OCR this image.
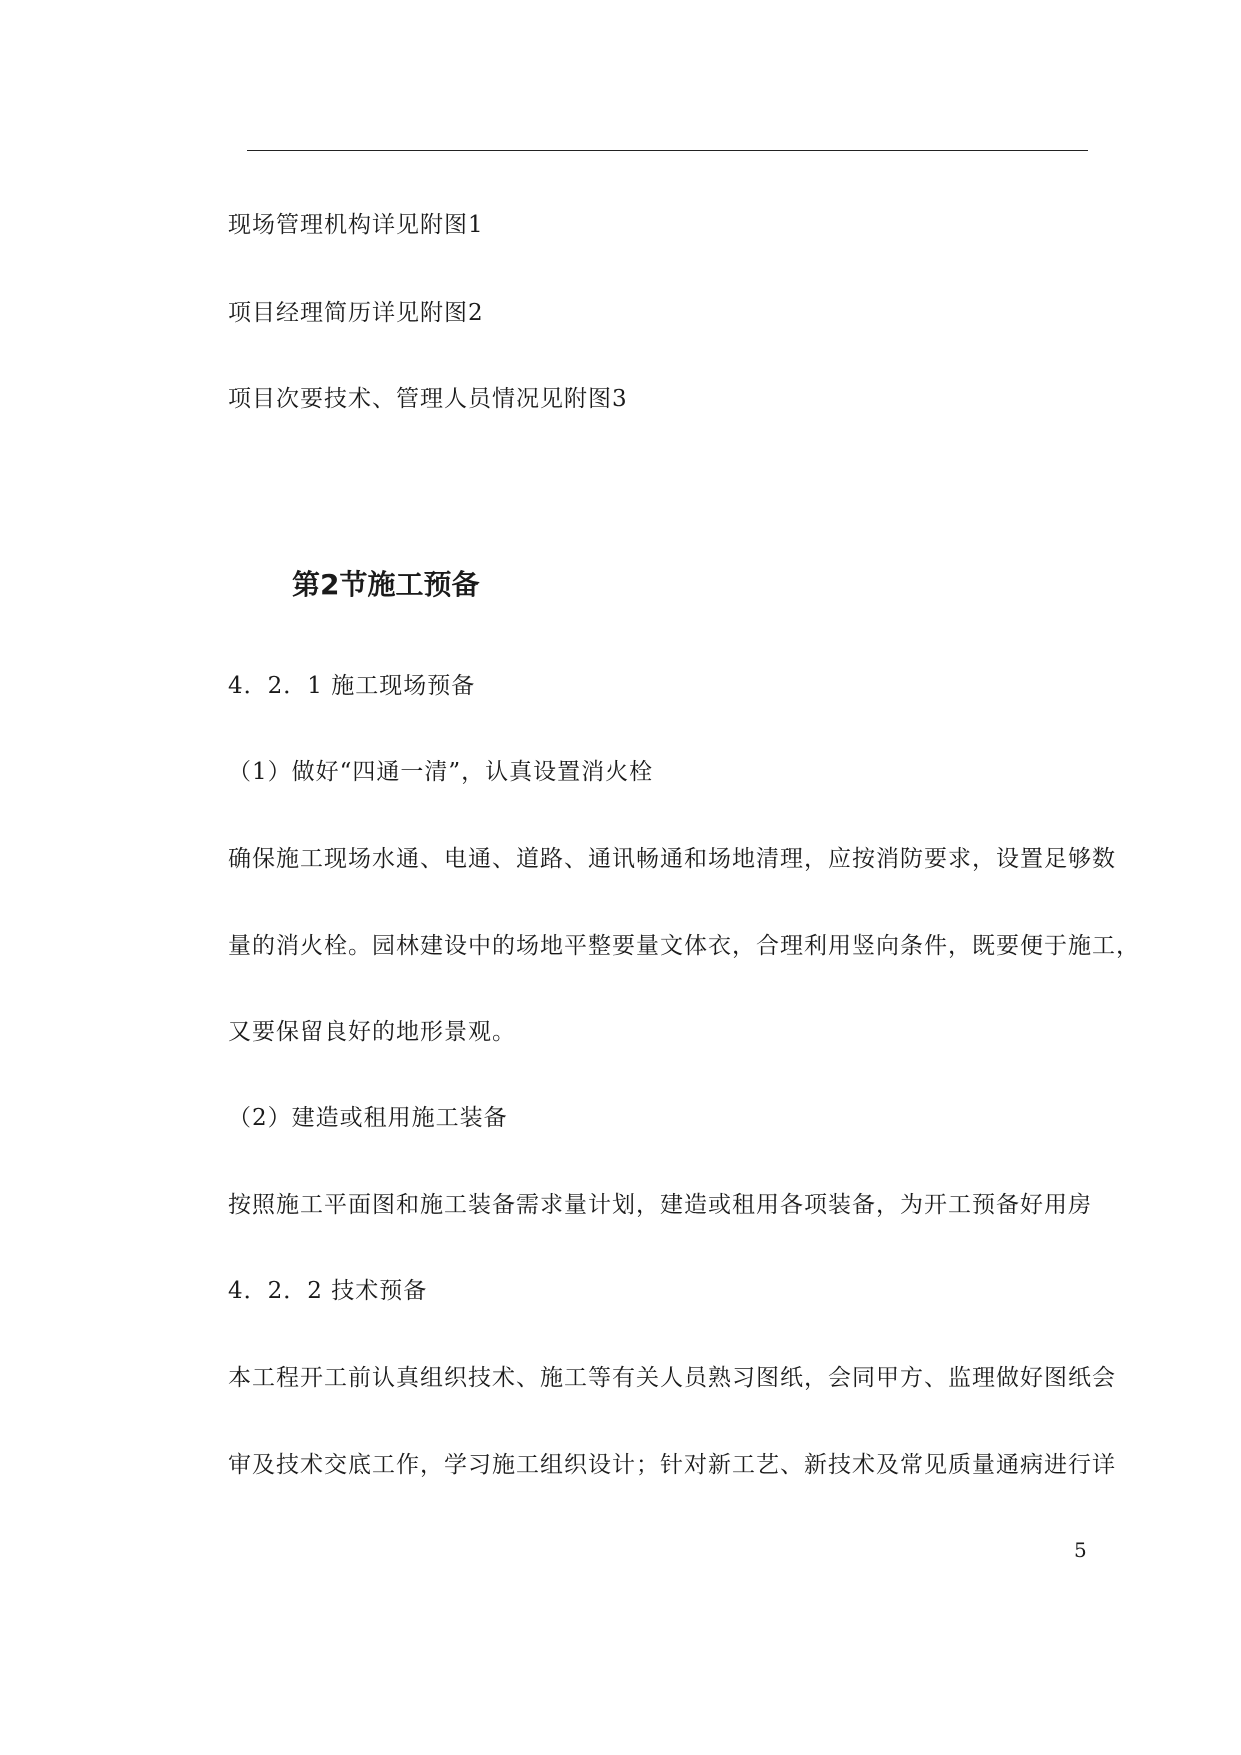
现场管理机构详见附图1
项目经理简历详见附图2
项目次要技术、管理人员情况见附图3
第2节施工预备
4．2．1 施工现场预备
（1）做好“四通一清”，认真设置消火栓
确保施工现场水通、电通、道路、通讯畅通和场地清理，应按消防要求，设置足够数
量的消火栓。园林建设中的场地平整要量文体衣，合理利用竖向条件，既要便于施工，
又要保留良好的地形景观。
（2）建造或租用施工装备
按照施工平面图和施工装备需求量计划，建造或租用各项装备，为开工预备好用房
4．2．2 技术预备
本工程开工前认真组织技术、施工等有关人员熟习图纸，会同甲方、监理做好图纸会
审及技术交底工作，学习施工组织设计；针对新工艺、新技术及常见质量通病进行详
5
